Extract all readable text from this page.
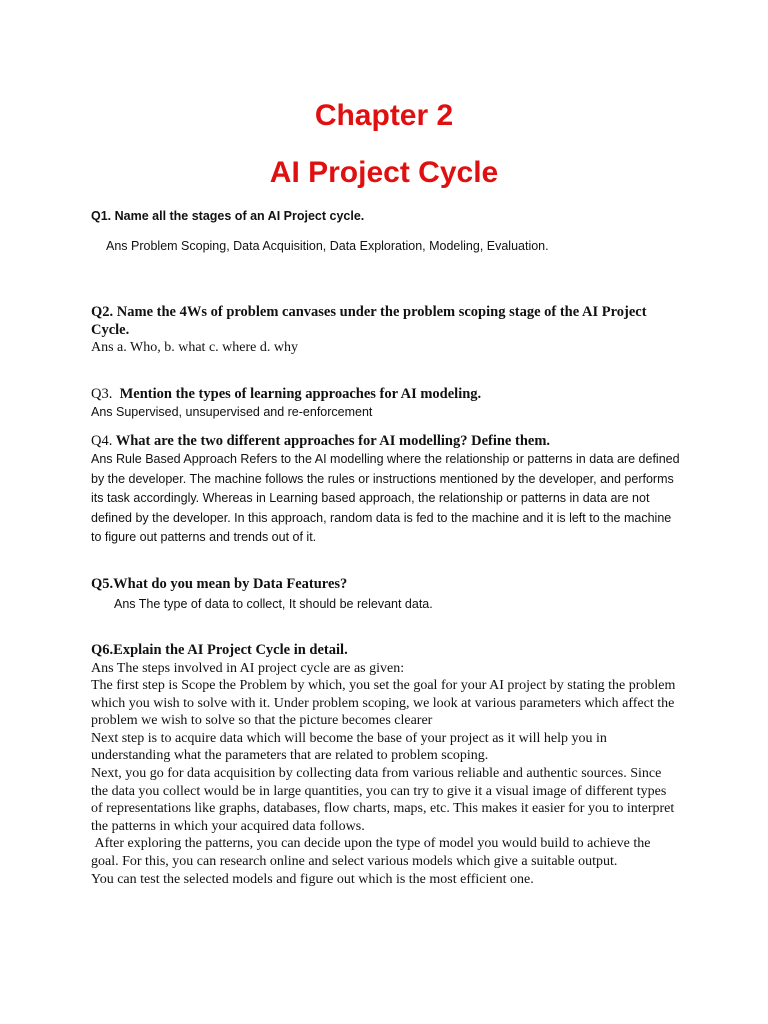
Chapter 2
AI Project Cycle

Q1. Name all the stages of an AI Project cycle.

Ans Problem Scoping, Data Acquisition, Data Exploration, Modeling, Evaluation.

Q2. Name the 4Ws of problem canvases under the problem scoping stage of the AI Project Cycle.

Ans a. Who, b. what c. where d. why

Q3. Mention the types of learning approaches for AI modeling.

Ans Supervised, unsupervised and re-enforcement

Q4. What are the two different approaches for AI modelling? Define them.

Ans Rule Based Approach Refers to the AI modelling where the relationship or patterns in data are defined by the developer. The machine follows the rules or instructions mentioned by the developer, and performs its task accordingly. Whereas in Learning based approach, the relationship or patterns in data are not defined by the developer. In this approach, random data is fed to the machine and it is left to the machine to figure out patterns and trends out of it.

Q5.What do you mean by Data Features?

Ans The type of data to collect, It should be relevant data.

Q6.Explain the AI Project Cycle in detail.

Ans The steps involved in AI project cycle are as given:

The first step is Scope the Problem by which, you set the goal for your AI project by stating the problem which you wish to solve with it. Under problem scoping, we look at various parameters which affect the problem we wish to solve so that the picture becomes clearer

Next step is to acquire data which will become the base of your project as it will help you in understanding what the parameters that are related to problem scoping.

Next, you go for data acquisition by collecting data from various reliable and authentic sources. Since the data you collect would be in large quantities, you can try to give it a visual image of different types of representations like graphs, databases, flow charts, maps, etc. This makes it easier for you to interpret the patterns in which your acquired data follows.

After exploring the patterns, you can decide upon the type of model you would build to achieve the goal. For this, you can research online and select various models which give a suitable output.

You can test the selected models and figure out which is the most efficient one.
